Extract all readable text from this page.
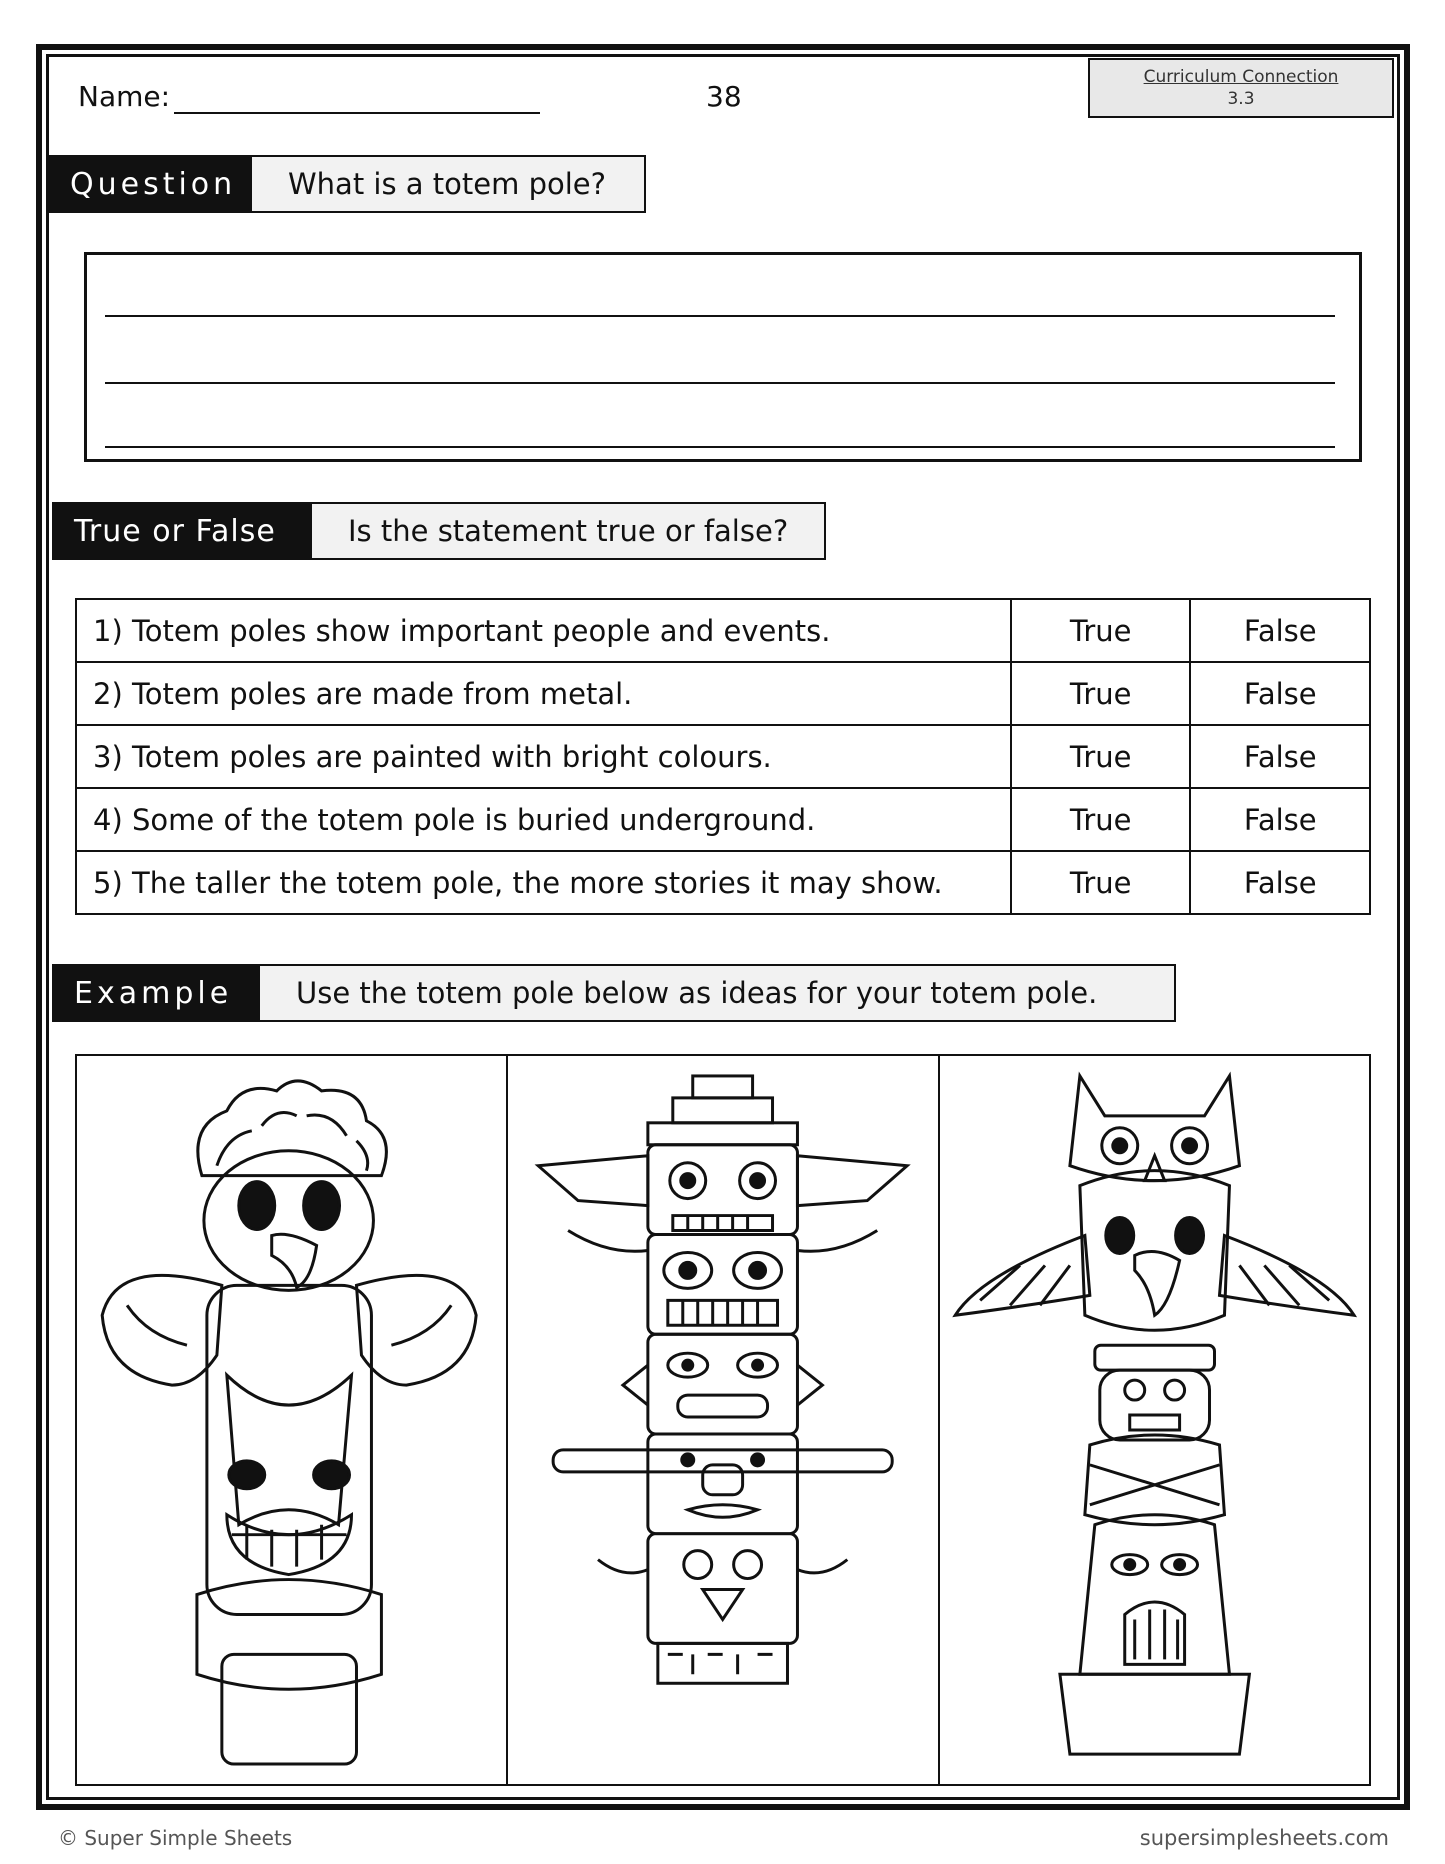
Name:	38
Curriculum Connection
3.3
Question	What is a totem pole?
True or False	Is the statement true or false?
1) Totem poles show important people and events.	True	False
2) Totem poles are made from metal.	True	False
3) Totem poles are painted with bright colours.	True	False
4) Some of the totem pole is buried underground.	True	False
5) The taller the totem pole, the more stories it may show.	True	False
Example	Use the totem pole below as ideas for your totem pole.
© Super Simple Sheets	supersimplesheets.com
